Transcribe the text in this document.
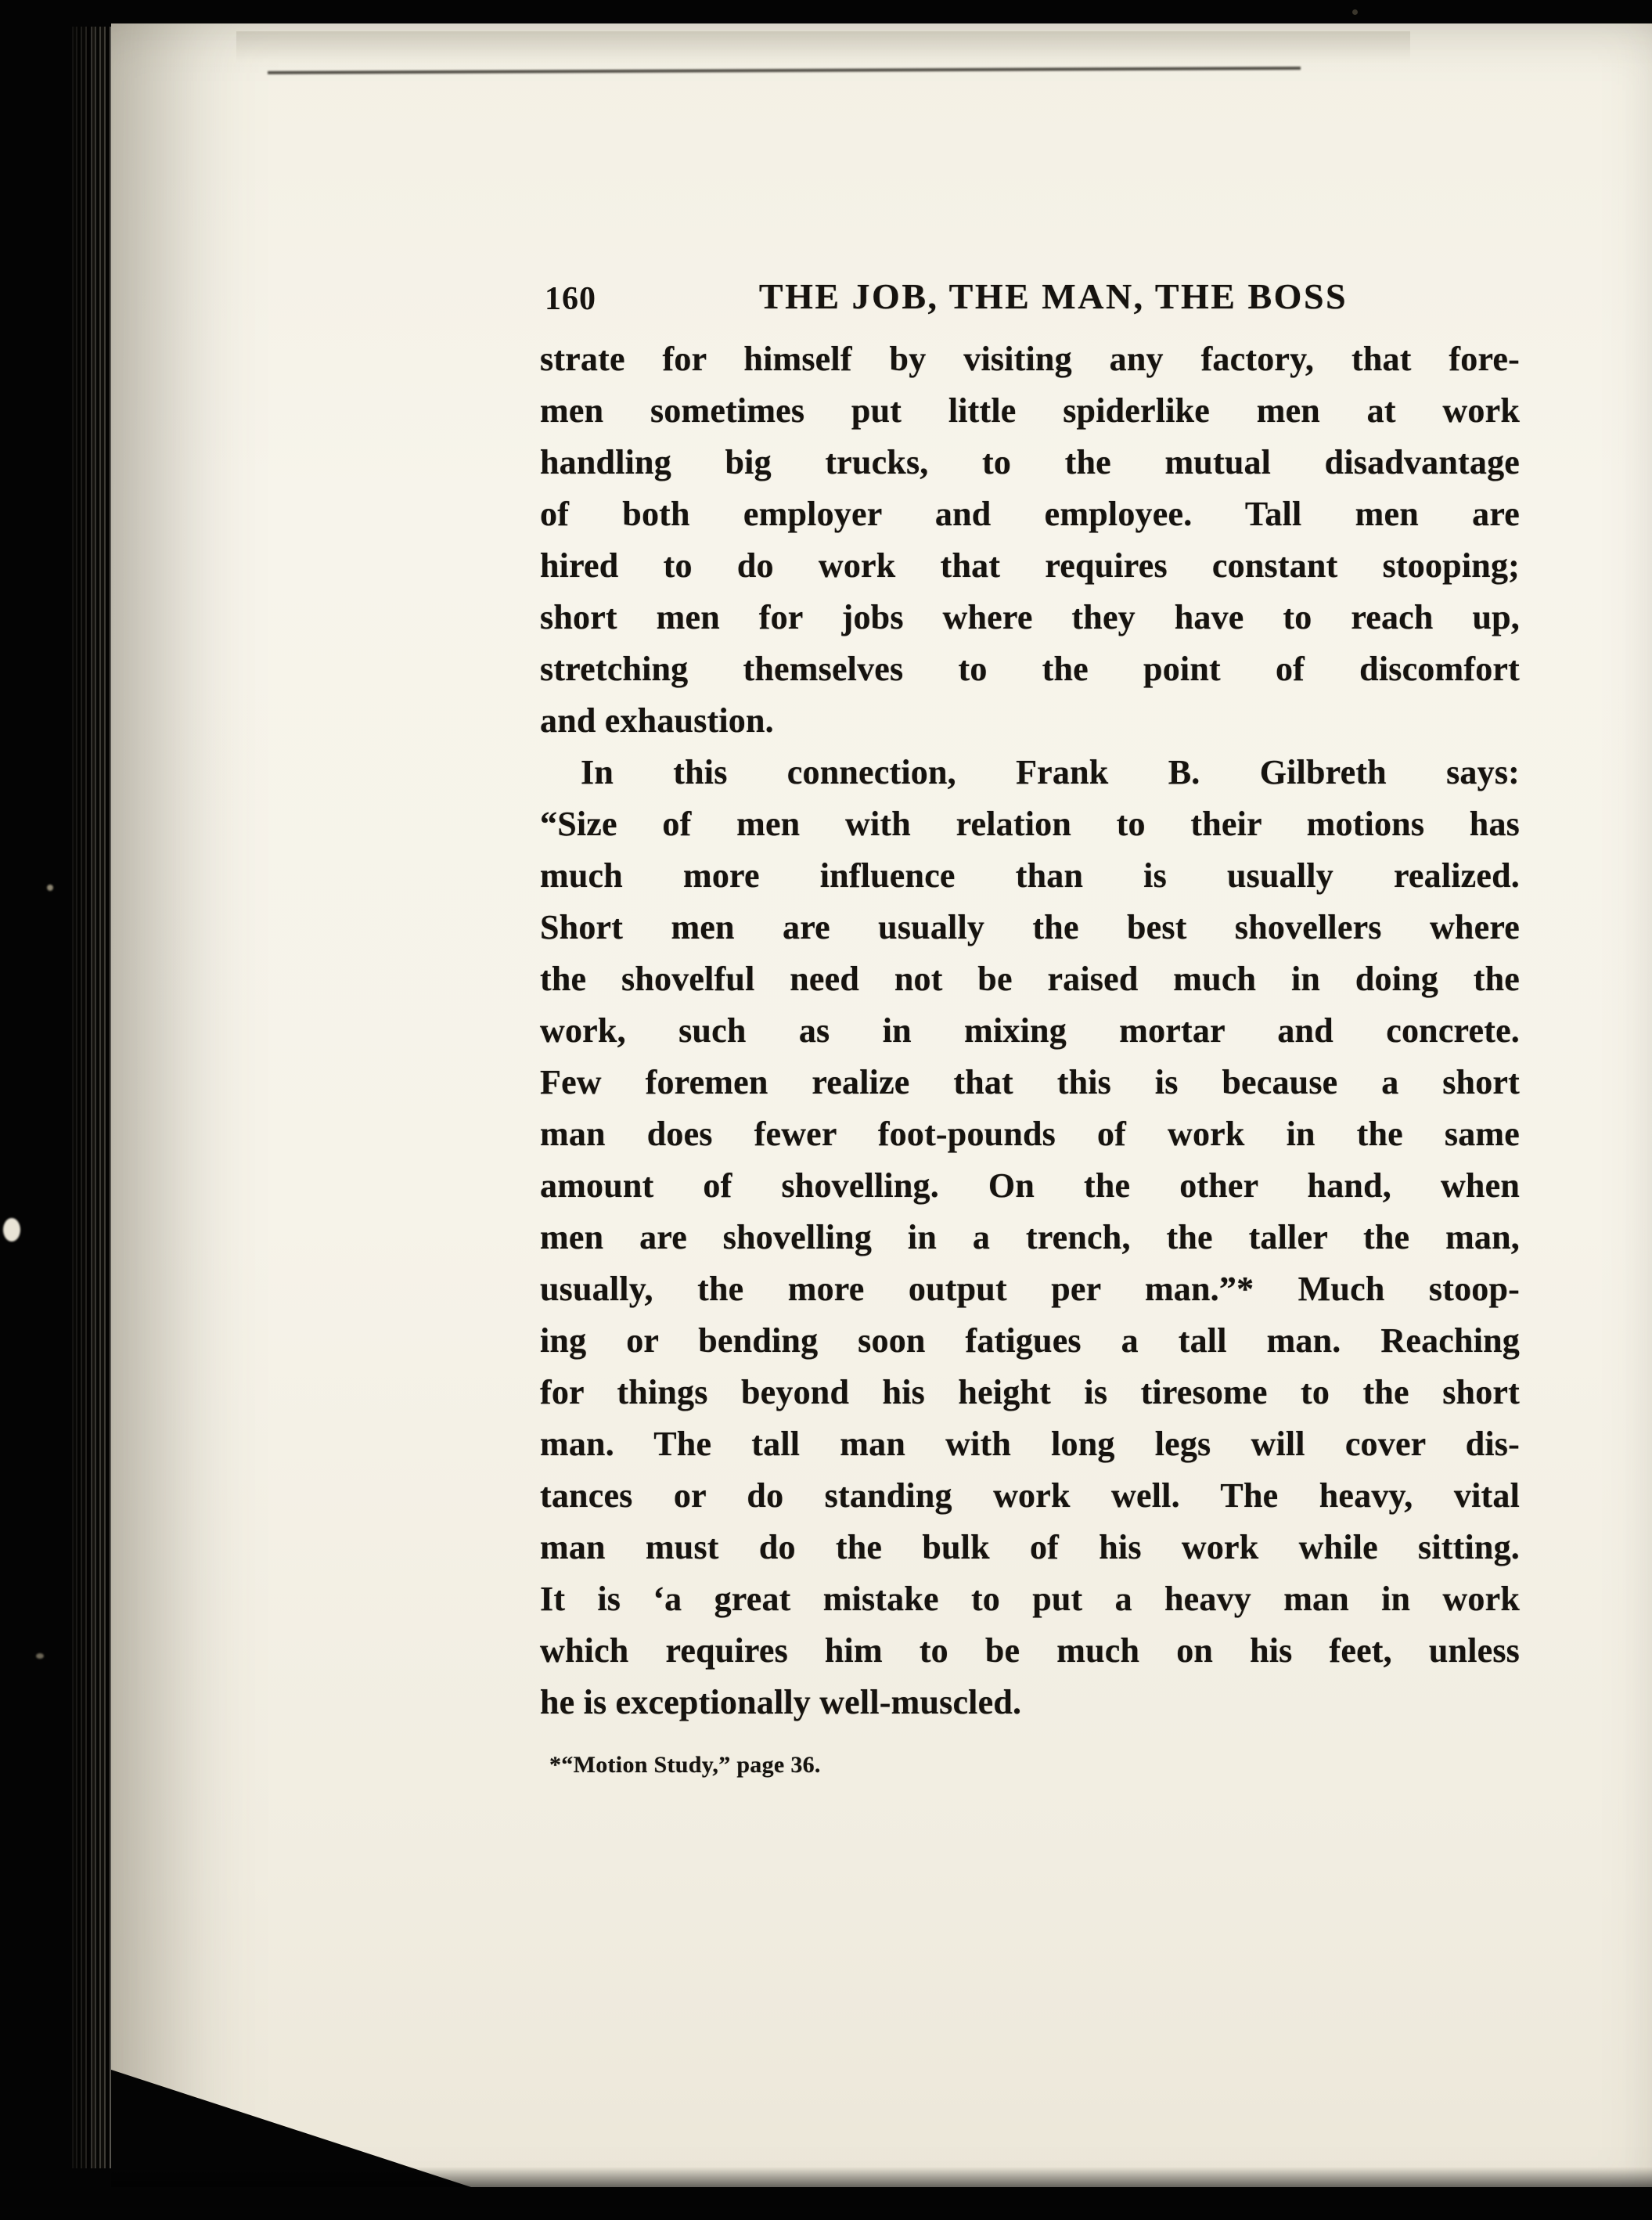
160	THE JOB, THE MAN, THE BOSS
strate for himself by visiting any factory, that fore-
men sometimes put little spiderlike men at work
handling big trucks, to the mutual disadvantage
of both employer and employee. Tall men are
hired to do work that requires constant stooping;
short men for jobs where they have to reach up,
stretching themselves to the point of discomfort
and exhaustion.
In this connection, Frank B. Gilbreth says:
“Size of men with relation to their motions has
much more influence than is usually realized.
Short men are usually the best shovellers where
the shovelful need not be raised much in doing the
work, such as in mixing mortar and concrete.
Few foremen realize that this is because a short
man does fewer foot-pounds of work in the same
amount of shovelling. On the other hand, when
men are shovelling in a trench, the taller the man,
usually, the more output per man.”* Much stoop-
ing or bending soon fatigues a tall man. Reaching
for things beyond his height is tiresome to the short
man. The tall man with long legs will cover dis-
tances or do standing work well. The heavy, vital
man must do the bulk of his work while sitting.
It is ‘a great mistake to put a heavy man in work
which requires him to be much on his feet, unless
he is exceptionally well-muscled.
*“Motion Study,” page 36.
